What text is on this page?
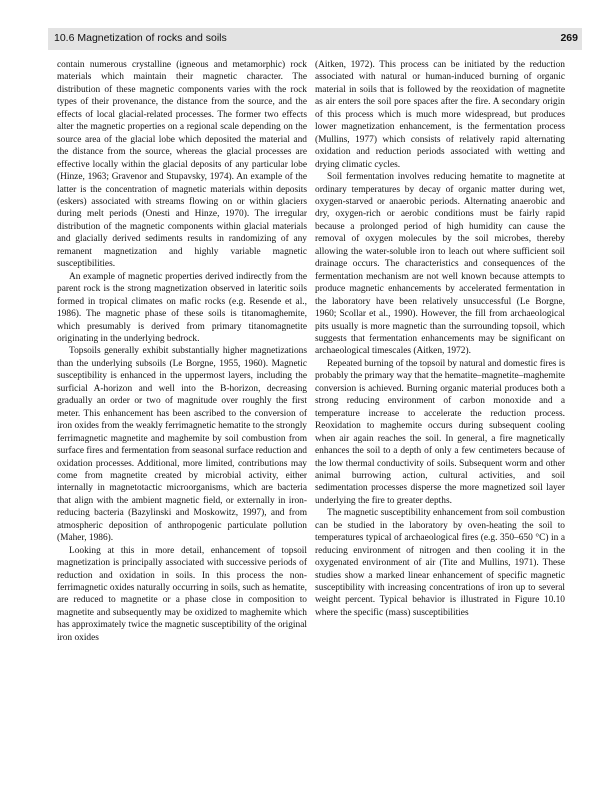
10.6 Magnetization of rocks and soils	269

contain numerous crystalline (igneous and metamorphic) rock materials which maintain their magnetic character. The distribution of these magnetic components varies with the rock types of their provenance, the distance from the source, and the effects of local glacial-related processes. The former two effects alter the magnetic properties on a regional scale depending on the source area of the glacial lobe which deposited the material and the distance from the source, whereas the glacial processes are effective locally within the glacial deposits of any particular lobe (Hinze, 1963; Gravenor and Stupavsky, 1974). An example of the latter is the concentration of magnetic materials within deposits (eskers) associated with streams flowing on or within glaciers during melt periods (Onesti and Hinze, 1970). The irregular distribution of the magnetic components within glacial materials and glacially derived sediments results in randomizing of any remanent magnetization and highly variable magnetic susceptibilities.

An example of magnetic properties derived indirectly from the parent rock is the strong magnetization observed in lateritic soils formed in tropical climates on mafic rocks (e.g. Resende et al., 1986). The magnetic phase of these soils is titanomaghemite, which presumably is derived from primary titanomagnetite originating in the underlying bedrock.

Topsoils generally exhibit substantially higher magnetizations than the underlying subsoils (Le Borgne, 1955, 1960). Magnetic susceptibility is enhanced in the uppermost layers, including the surficial A-horizon and well into the B-horizon, decreasing gradually an order or two of magnitude over roughly the first meter. This enhancement has been ascribed to the conversion of iron oxides from the weakly ferrimagnetic hematite to the strongly ferrimagnetic magnetite and maghemite by soil combustion from surface fires and fermentation from seasonal surface reduction and oxidation processes. Additional, more limited, contributions may come from magnetite created by microbial activity, either internally in magnetotactic microorganisms, which are bacteria that align with the ambient magnetic field, or externally in iron-reducing bacteria (Bazylinski and Moskowitz, 1997), and from atmospheric deposition of anthropogenic particulate pollution (Maher, 1986).

Looking at this in more detail, enhancement of topsoil magnetization is principally associated with successive periods of reduction and oxidation in soils. In this process the non-ferrimagnetic oxides naturally occurring in soils, such as hematite, are reduced to magnetite or a phase close in composition to magnetite and subsequently may be oxidized to maghemite which has approximately twice the magnetic susceptibility of the original iron oxides

(Aitken, 1972). This process can be initiated by the reduction associated with natural or human-induced burning of organic material in soils that is followed by the reoxidation of magnetite as air enters the soil pore spaces after the fire. A secondary origin of this process which is much more widespread, but produces lower magnetization enhancement, is the fermentation process (Mullins, 1977) which consists of relatively rapid alternating oxidation and reduction periods associated with wetting and drying climatic cycles.

Soil fermentation involves reducing hematite to magnetite at ordinary temperatures by decay of organic matter during wet, oxygen-starved or anaerobic periods. Alternating anaerobic and dry, oxygen-rich or aerobic conditions must be fairly rapid because a prolonged period of high humidity can cause the removal of oxygen molecules by the soil microbes, thereby allowing the water-soluble iron to leach out where sufficient soil drainage occurs. The characteristics and consequences of the fermentation mechanism are not well known because attempts to produce magnetic enhancements by accelerated fermentation in the laboratory have been relatively unsuccessful (Le Borgne, 1960; Scollar et al., 1990). However, the fill from archaeological pits usually is more magnetic than the surrounding topsoil, which suggests that fermentation enhancements may be significant on archaeological timescales (Aitken, 1972).

Repeated burning of the topsoil by natural and domestic fires is probably the primary way that the hematite–magnetite–maghemite conversion is achieved. Burning organic material produces both a strong reducing environment of carbon monoxide and a temperature increase to accelerate the reduction process. Reoxidation to maghemite occurs during subsequent cooling when air again reaches the soil. In general, a fire magnetically enhances the soil to a depth of only a few centimeters because of the low thermal conductivity of soils. Subsequent worm and other animal burrowing action, cultural activities, and soil sedimentation processes disperse the more magnetized soil layer underlying the fire to greater depths.

The magnetic susceptibility enhancement from soil combustion can be studied in the laboratory by oven-heating the soil to temperatures typical of archaeological fires (e.g. 350–650 °C) in a reducing environment of nitrogen and then cooling it in the oxygenated environment of air (Tite and Mullins, 1971). These studies show a marked linear enhancement of specific magnetic susceptibility with increasing concentrations of iron up to several weight percent. Typical behavior is illustrated in Figure 10.10 where the specific (mass) susceptibilities
